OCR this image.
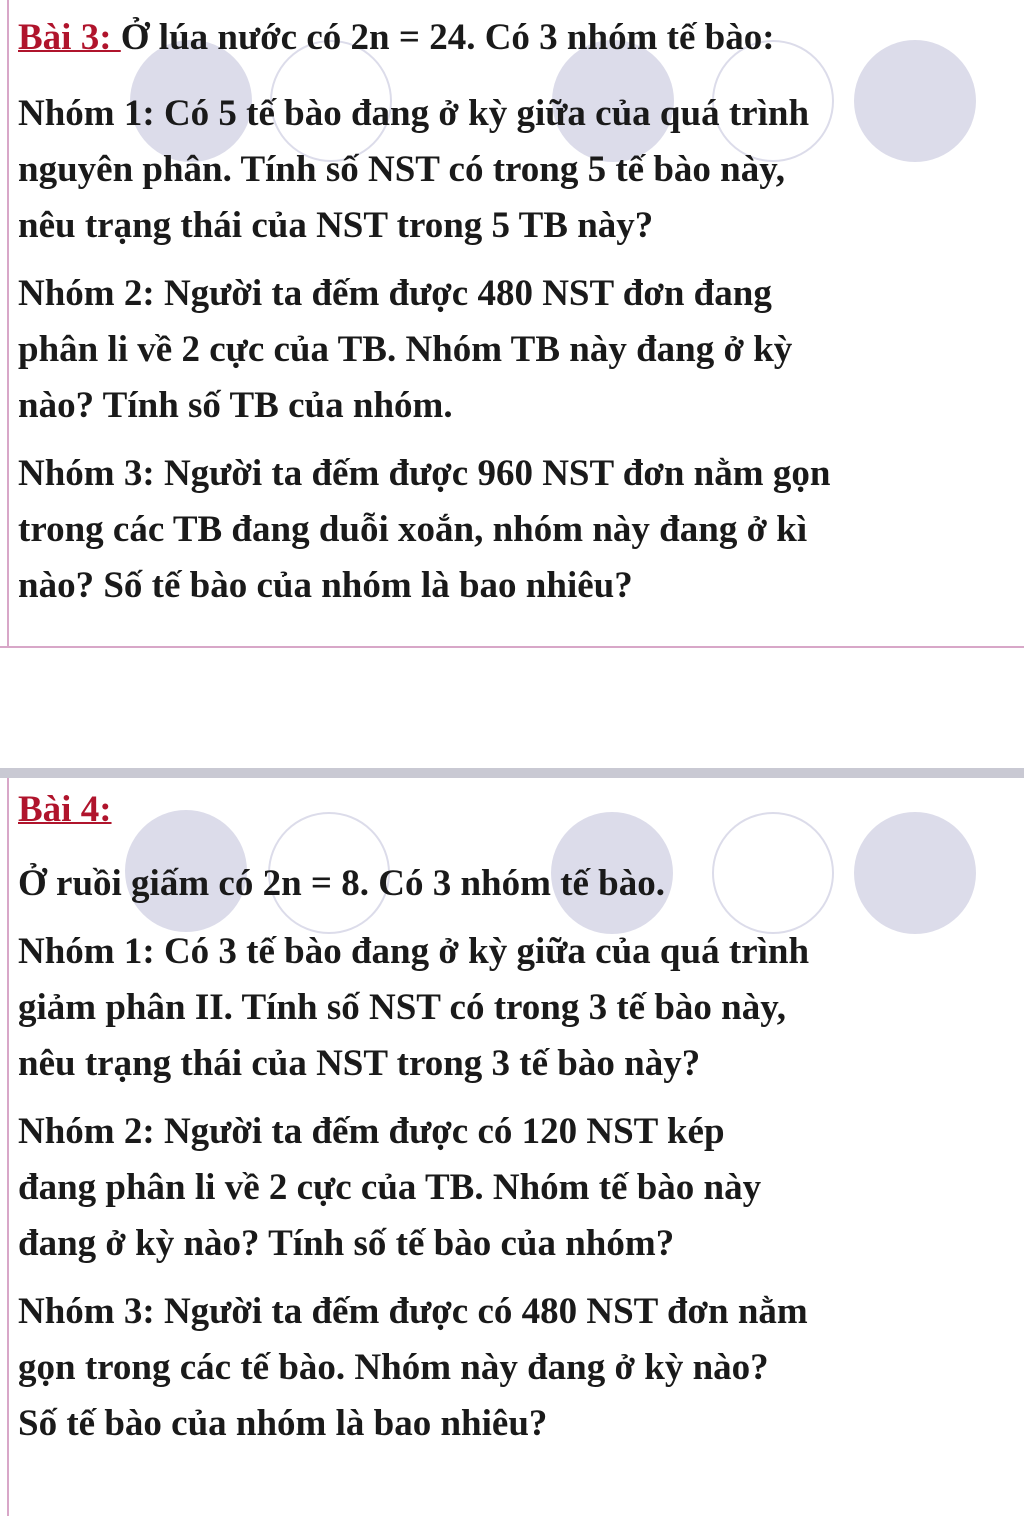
Bài 3: Ở lúa nước có 2n = 24. Có 3 nhóm tế bào:
Nhóm 1: Có 5 tế bào đang ở kỳ giữa của quá trình
nguyên phân. Tính số NST có trong 5 tế bào này,
nêu trạng thái của NST trong 5 TB này?
Nhóm 2: Người ta đếm được 480 NST đơn đang
phân li về 2 cực của TB. Nhóm TB này đang ở kỳ
nào? Tính số TB của nhóm.
Nhóm 3: Người ta đếm được 960 NST đơn nằm gọn
trong các TB đang duỗi xoắn, nhóm này đang ở kì
nào? Số tế bào của nhóm là bao nhiêu?
Bài 4:
Ở ruồi giấm có 2n = 8. Có 3 nhóm tế bào.
Nhóm 1: Có 3 tế bào đang ở kỳ giữa của quá trình
giảm phân II. Tính số NST có trong 3 tế bào này,
nêu trạng thái của NST trong 3 tế bào này?
Nhóm 2: Người ta đếm được có 120 NST kép
đang phân li về 2 cực của TB. Nhóm tế bào này
đang ở kỳ nào? Tính số tế bào của nhóm?
Nhóm 3: Người ta đếm được có 480 NST đơn nằm
gọn trong các tế bào. Nhóm này đang ở kỳ nào?
Số tế bào của nhóm là bao nhiêu?
